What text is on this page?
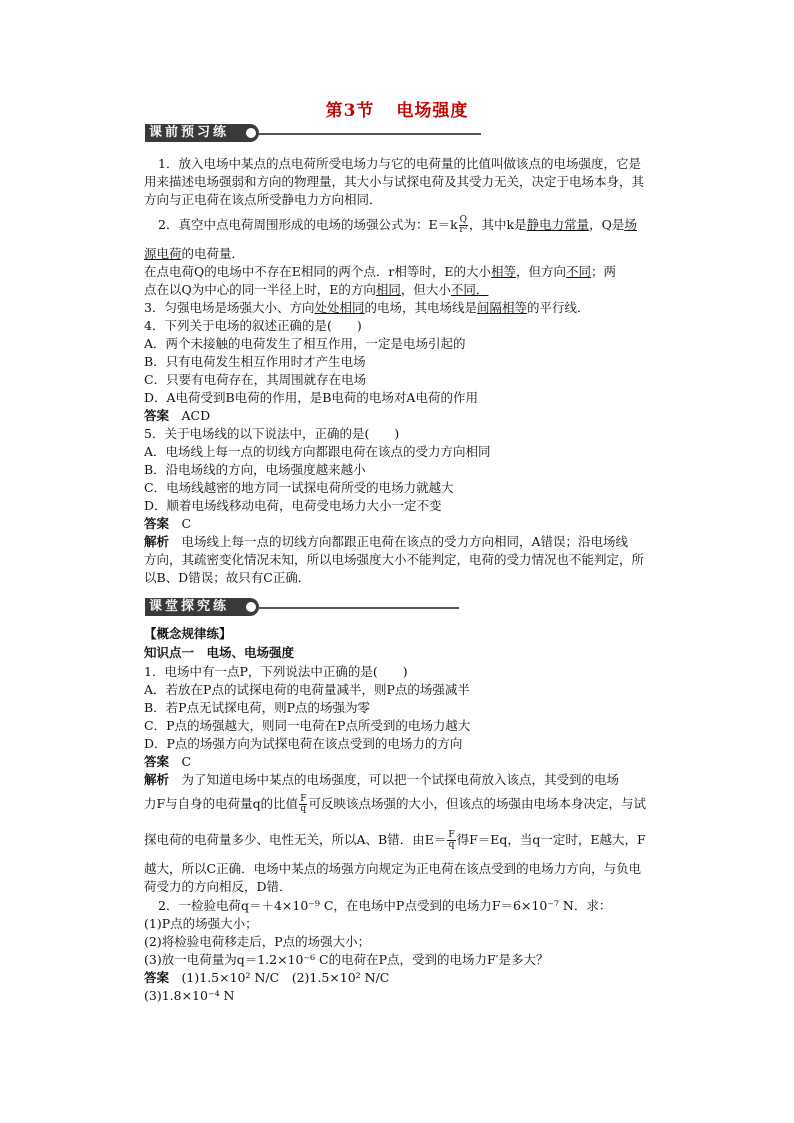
第3节 电场强度
课前预习练
1．放入电场中某点的点电荷所受电场力与它的电荷量的比值叫做该点的电场强度，它是
用来描述电场强弱和方向的物理量，其大小与试探电荷及其受力无关，决定于电场本身，其
方向与正电荷在该点所受静电力方向相同．
2．真空中点电荷周围形成的电场的场强公式为：$E=k \frac{Q}{\text{r²}}$ ，其中k是静电力常量，Q是场
源电荷的电荷量．
在点电荷Q的电场中不存在E相同的两个点．r相等时，E的大小相等，但方向不同；两
点在以Q为中心的同一半径上时，E的方向相同，但大小不同．
3．匀强电场是场强大小、方向处处相同的电场，其电场线是间隔相等的平行线．
4．下列关于电场的叙述正确的是(　　)
A．两个未接触的电荷发生了相互作用，一定是电场引起的
B．只有电荷发生相互作用时才产生电场
C．只要有电荷存在，其周围就存在电场
D．A电荷受到B电荷的作用，是B电荷的电场对A电荷的作用
答案　 ACD
5．关于电场线的以下说法中，正确的是(　　)
A．电场线上每一点的切线方向都跟电荷在该点的受力方向相同
B．沿电场线的方向，电场强度越来越小
C．电场线越密的地方同一试探电荷所受的电场力就越大
D．顺着电场线移动电荷，电荷受电场力大小一定不变
答案　 C
解析　 电场线上每一点的切线方向都跟正电荷在该点的受力方向相同，A错误；沿电场线
方向，其疏密变化情况未知，所以电场强度大小不能判定，电荷的受力情况也不能判定，所
以B、D错误；故只有C正确．
课堂探究练
【概念规律练】
知识点一　电场、电场强度
1．电场中有一点P，下列说法中正确的是(　　)
A．若放在P点的试探电荷的电荷量减半，则P点的场强减半
B．若P点无试探电荷，则P点的场强为零
C．P点的场强越大，则同一电荷在P点所受到的电场力越大
D．P点的场强方向为试探电荷在该点受到的电场力的方向
答案　 C
解析　 为了知道电场中某点的电场强度，可以把一个试探电荷放入该点，其受到的电场
力F与自身的电荷量q的比值 $\frac{F}{q}$ 可反映该点场强的大小，但该点的场强由电场本身决定，与试
探电荷的电荷量多少、电性无关，所以A、B错．由$E= \frac{F}{q}$ 得F＝Eq，当q一定时，E越大，F
越大，所以C正确．电场中某点的场强方向规定为正电荷在该点受到的电场力方向，与负电
荷受力的方向相反，D错．
2．一检验电荷q＝＋4×10⁻⁹ C，在电场中P点受到的电场力F＝6×10⁻⁷ N．求：
(1)P点的场强大小；
(2)将检验电荷移走后，P点的场强大小；
(3)放一电荷量为q＝1.2×10⁻⁶ C的电荷在P点，受到的电场力F′是多大？
答案　 (1)1.5×10² N/C　(2)1.5×10² N/C
(3)1.8×10⁻⁴ N
